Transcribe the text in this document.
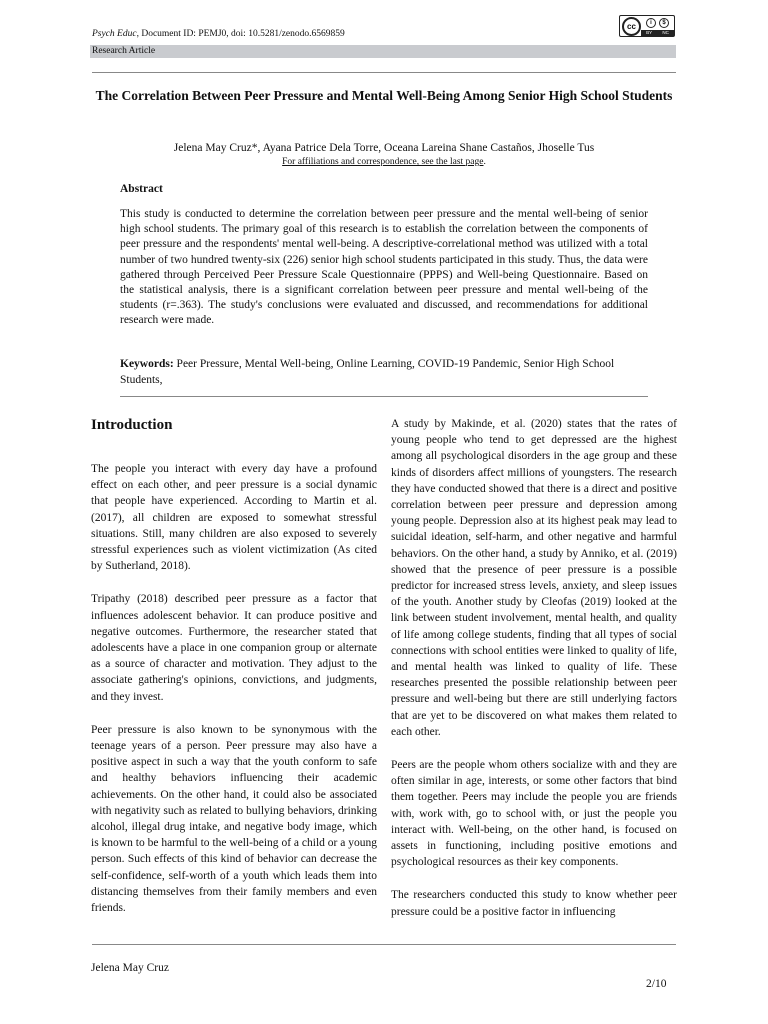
Psych Educ, Document ID: PEMJ0, doi: 10.5281/zenodo.6569859
cc	i	$
BY NC
Research Article
The Correlation Between Peer Pressure and Mental Well-Being Among Senior High School Students
Jelena May Cruz*, Ayana Patrice Dela Torre, Oceana Lareina Shane Castaños, Jhoselle Tus
For affiliations and correspondence, see the last page.
Abstract
This study is conducted to determine the correlation between peer pressure and the mental well-being of senior high school students. The primary goal of this research is to establish the correlation between the components of peer pressure and the respondents' mental well-being. A descriptive-correlational method was utilized with a total number of two hundred twenty-six (226) senior high school students participated in this study. Thus, the data were gathered through Perceived Peer Pressure Scale Questionnaire (PPPS) and Well-being Questionnaire. Based on the statistical analysis, there is a significant correlation between peer pressure and mental well-being of the students (r=.363). The study's conclusions were evaluated and discussed, and recommendations for additional research were made.
Keywords: Peer Pressure, Mental Well-being, Online Learning, COVID-19 Pandemic, Senior High School Students,
Introduction

The people you interact with every day have a profound effect on each other, and peer pressure is a social dynamic that people have experienced. According to Martin et al. (2017), all children are exposed to somewhat stressful situations. Still, many children are also exposed to severely stressful experiences such as violent victimization (As cited by Sutherland, 2018).

Tripathy (2018) described peer pressure as a factor that influences adolescent behavior. It can produce positive and negative outcomes. Furthermore, the researcher stated that adolescents have a place in one companion group or alternate as a source of character and motivation. They adjust to the associate gathering's opinions, convictions, and judgments, and they invest.

Peer pressure is also known to be synonymous with the teenage years of a person. Peer pressure may also have a positive aspect in such a way that the youth conform to safe and healthy behaviors influencing their academic achievements. On the other hand, it could also be associated with negativity such as related to bullying behaviors, drinking alcohol, illegal drug intake, and negative body image, which is known to be harmful to the well-being of a child or a young person. Such effects of this kind of behavior can decrease the self-confidence, self-worth of a youth which leads them into distancing themselves from their family members and even friends.

A study by Makinde, et al. (2020) states that the rates of young people who tend to get depressed are the highest among all psychological disorders in the age group and these kinds of disorders affect millions of youngsters. The research they have conducted showed that there is a direct and positive correlation between peer pressure and depression among young people. Depression also at its highest peak may lead to suicidal ideation, self-harm, and other negative and harmful behaviors. On the other hand, a study by Anniko, et al. (2019) showed that the presence of peer pressure is a possible predictor for increased stress levels, anxiety, and sleep issues of the youth. Another study by Cleofas (2019) looked at the link between student involvement, mental health, and quality of life among college students, finding that all types of social connections with school entities were linked to quality of life, and mental health was linked to quality of life. These researches presented the possible relationship between peer pressure and well-being but there are still underlying factors that are yet to be discovered on what makes them related to each other.

Peers are the people whom others socialize with and they are often similar in age, interests, or some other factors that bind them together. Peers may include the people you are friends with, work with, go to school with, or just the people you interact with. Well-being, on the other hand, is focused on assets in functioning, including positive emotions and psychological resources as their key components.

The researchers conducted this study to know whether peer pressure could be a positive factor in influencing

Jelena May Cruz
2/10
